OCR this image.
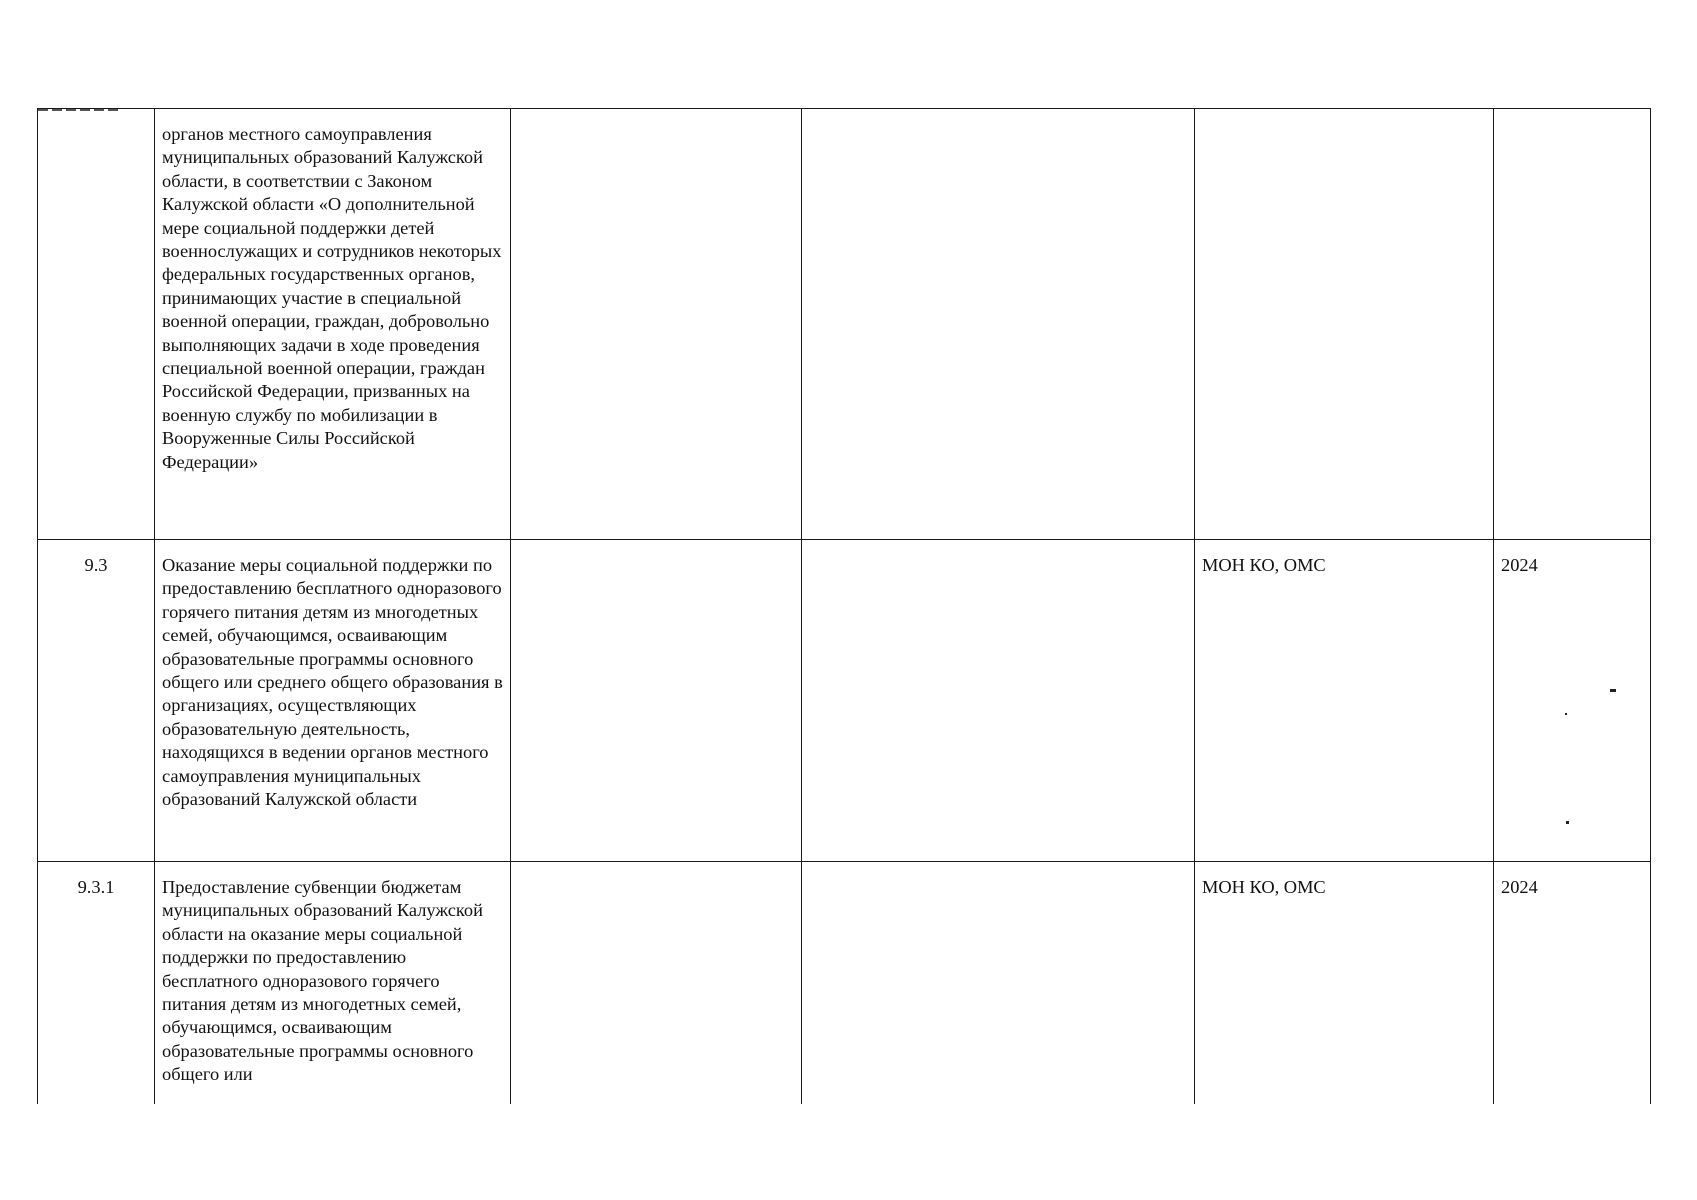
	органов местного самоуправления муниципальных образований Калужской области, в соответствии с Законом Калужской области «О дополнительной мере социальной поддержки детей военнослужащих и сотрудников некоторых федеральных государственных органов, принимающих участие в специальной военной операции, граждан, добровольно выполняющих задачи в ходе проведения специальной военной операции, граждан Российской Федерации, призванных на военную службу по мобилизации в Вооруженные Силы Российской Федерации»				
9.3	Оказание меры социальной поддержки по предоставлению бесплатного одноразового горячего питания детям из многодетных семей, обучающимся, осваивающим образовательные программы основного общего или среднего общего образования в организациях, осуществляющих образовательную деятельность, находящихся в ведении органов местного самоуправления муниципальных образований Калужской области			МОН КО, ОМС	2024
9.3.1	Предоставление субвенции бюджетам муниципальных образований Калужской области на оказание меры социальной поддержки по предоставлению бесплатного одноразового горячего питания детям из многодетных семей, обучающимся, осваивающим образовательные программы основного общего или			МОН КО, ОМС	2024
